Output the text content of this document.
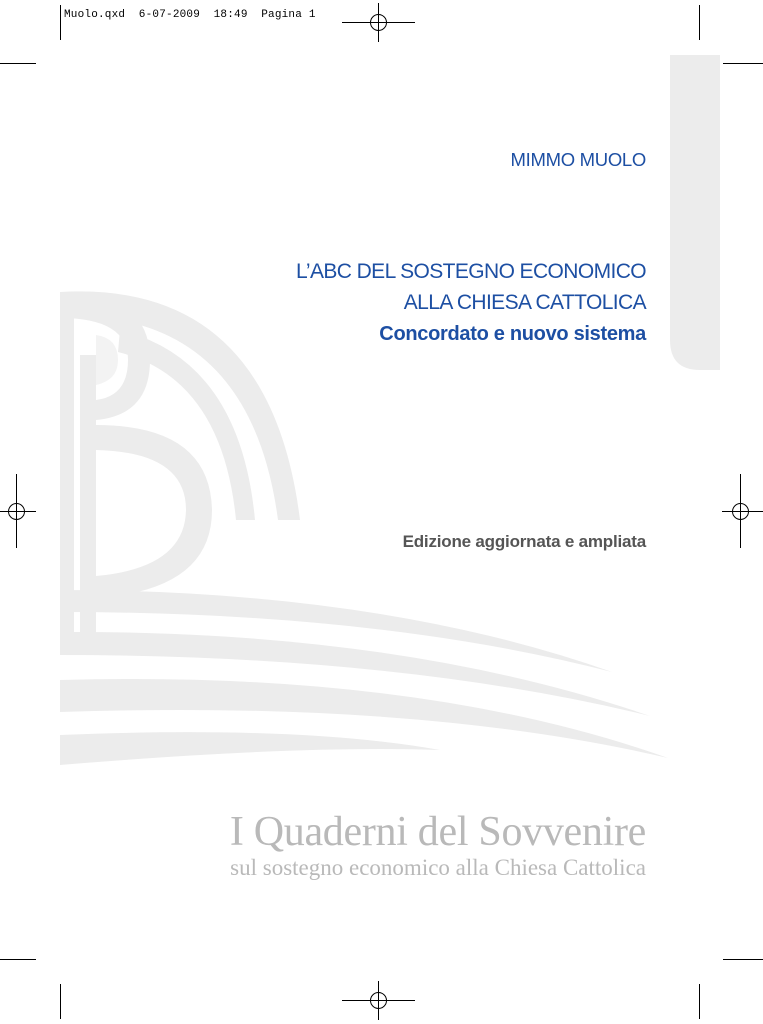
Muolo.qxd  6-07-2009  18:49  Pagina 1
MIMMO MUOLO
L’ABC DEL SOSTEGNO ECONOMICO
ALLA CHIESA CATTOLICA
Concordato e nuovo sistema
Edizione aggiornata e ampliata
I Quaderni del Sovvenire
sul sostegno economico alla Chiesa Cattolica
